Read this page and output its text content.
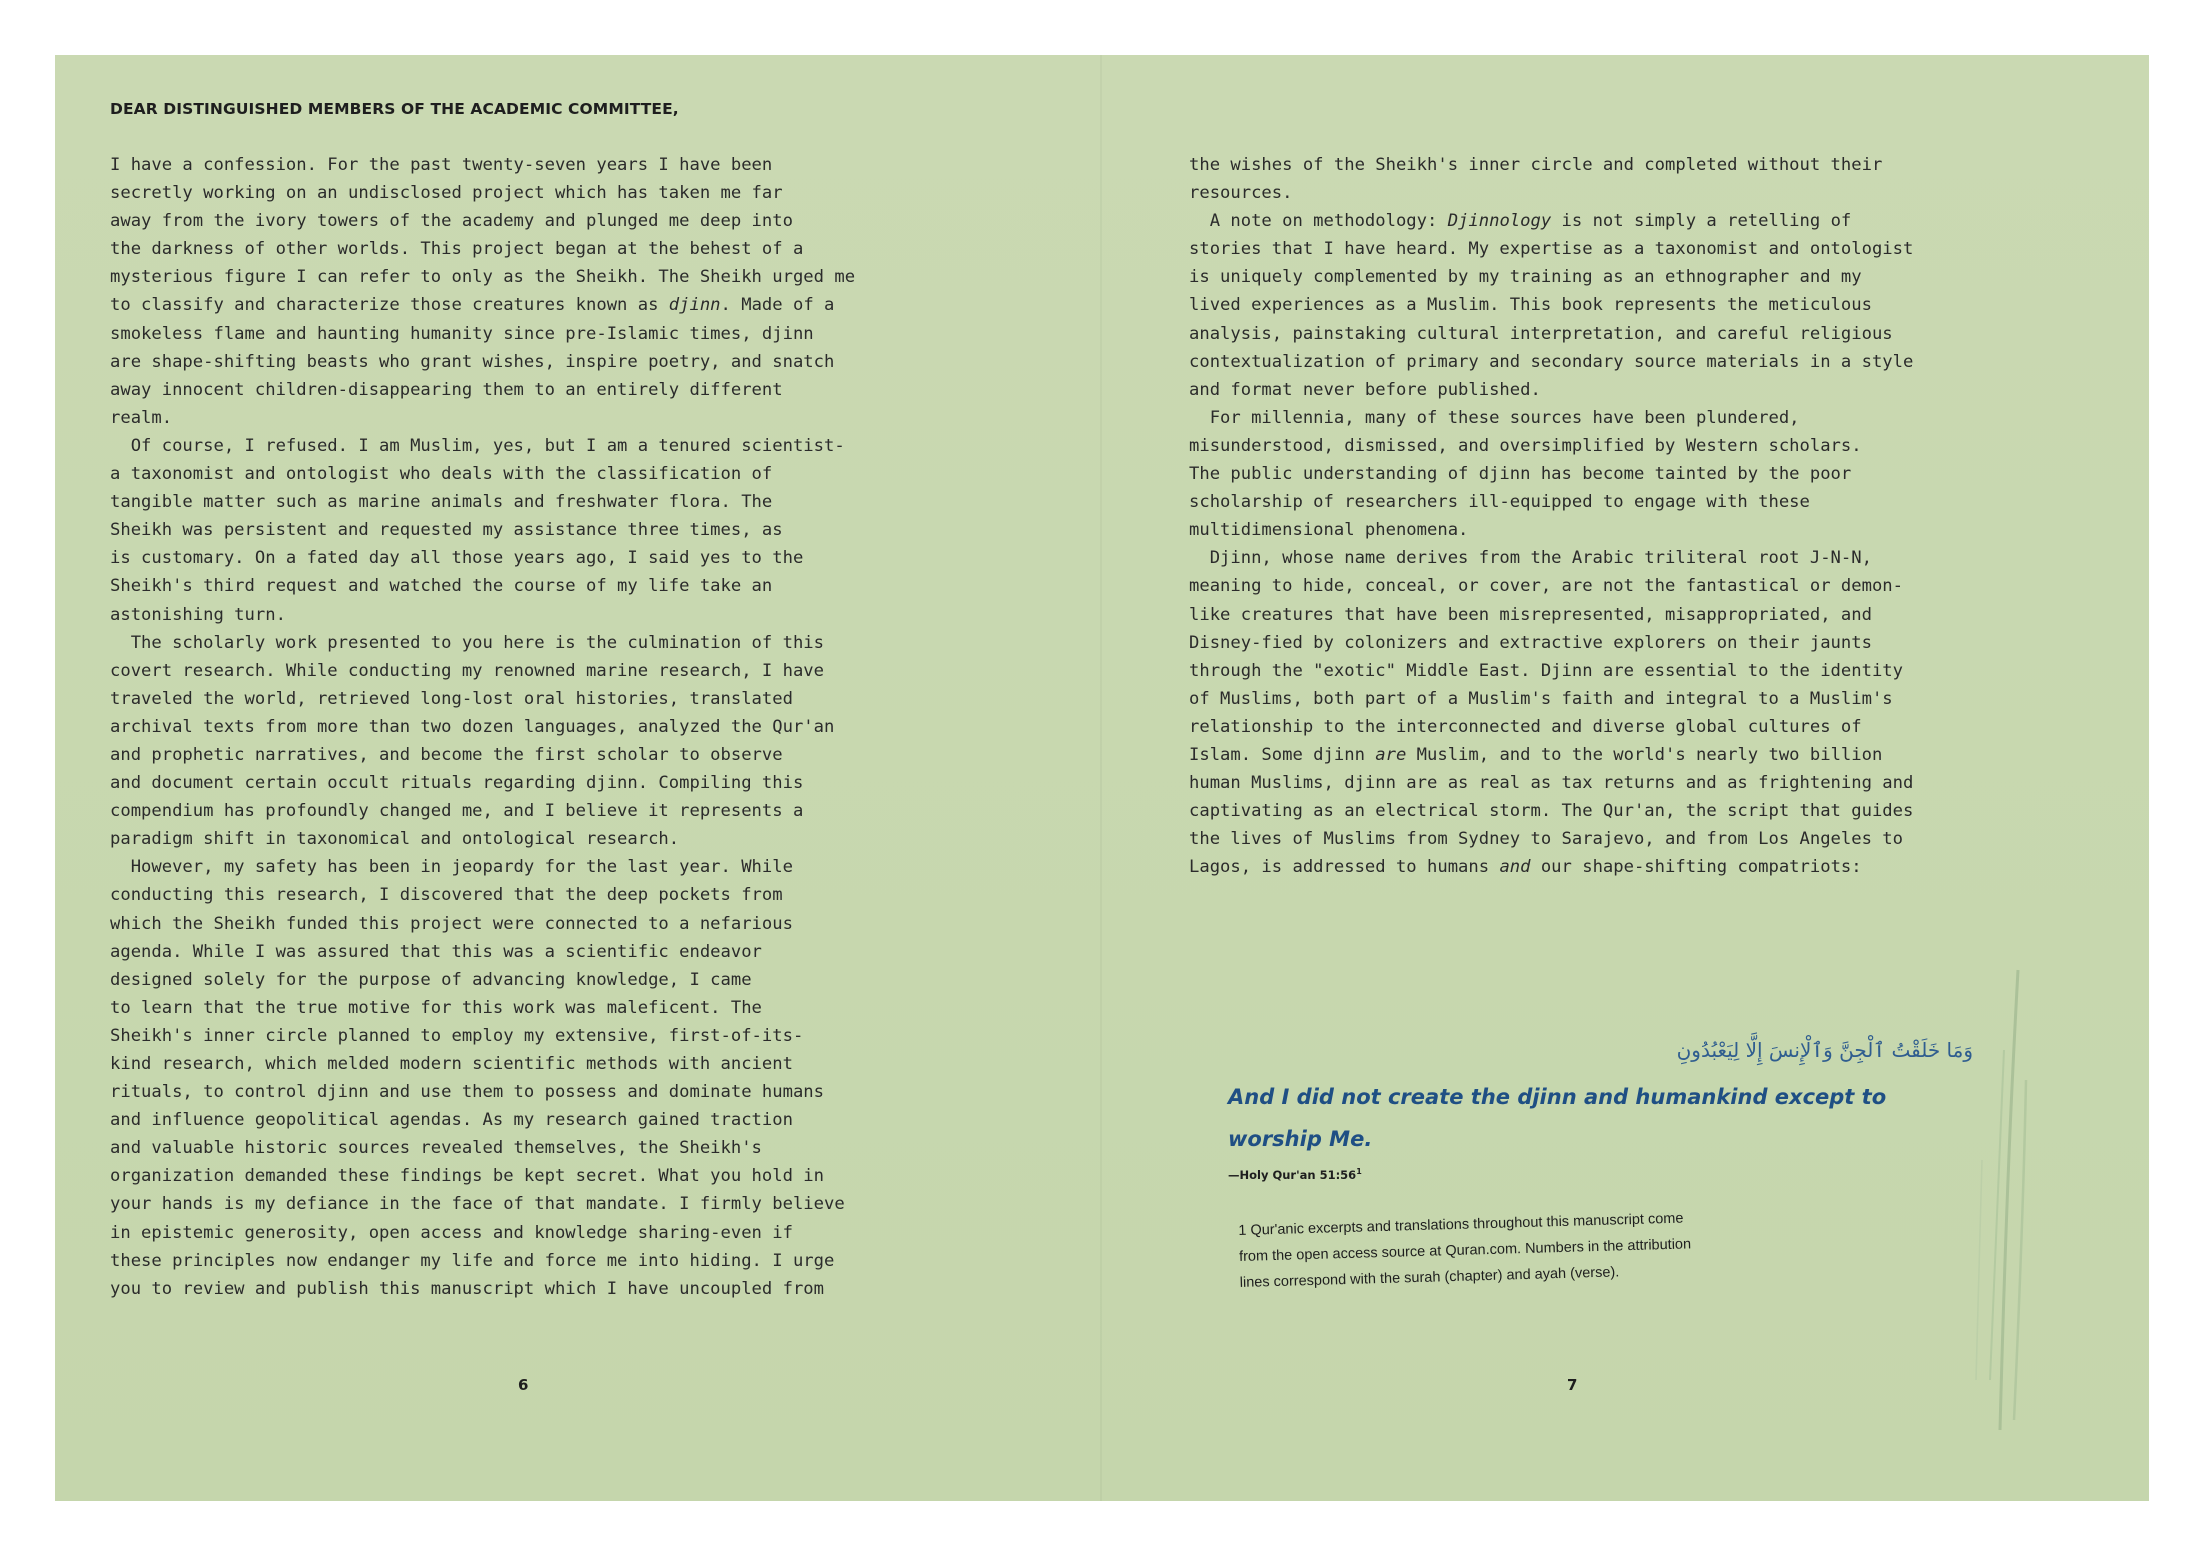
DEAR DISTINGUISHED MEMBERS OF THE ACADEMIC COMMITTEE,
I have a confession. For the past twenty-seven years I have been
secretly working on an undisclosed project which has taken me far
away from the ivory towers of the academy and plunged me deep into
the darkness of other worlds. This project began at the behest of a
mysterious figure I can refer to only as the Sheikh. The Sheikh urged me
to classify and characterize those creatures known as djinn. Made of a
smokeless flame and haunting humanity since pre-Islamic times, djinn
are shape-shifting beasts who grant wishes, inspire poetry, and snatch
away innocent children-disappearing them to an entirely different
realm.
Of course, I refused. I am Muslim, yes, but I am a tenured scientist-
a taxonomist and ontologist who deals with the classification of
tangible matter such as marine animals and freshwater flora. The
Sheikh was persistent and requested my assistance three times, as
is customary. On a fated day all those years ago, I said yes to the
Sheikh's third request and watched the course of my life take an
astonishing turn.
The scholarly work presented to you here is the culmination of this
covert research. While conducting my renowned marine research, I have
traveled the world, retrieved long-lost oral histories, translated
archival texts from more than two dozen languages, analyzed the Qur'an
and prophetic narratives, and become the first scholar to observe
and document certain occult rituals regarding djinn. Compiling this
compendium has profoundly changed me, and I believe it represents a
paradigm shift in taxonomical and ontological research.
However, my safety has been in jeopardy for the last year. While
conducting this research, I discovered that the deep pockets from
which the Sheikh funded this project were connected to a nefarious
agenda. While I was assured that this was a scientific endeavor
designed solely for the purpose of advancing knowledge, I came
to learn that the true motive for this work was maleficent. The
Sheikh's inner circle planned to employ my extensive, first-of-its-
kind research, which melded modern scientific methods with ancient
rituals, to control djinn and use them to possess and dominate humans
and influence geopolitical agendas. As my research gained traction
and valuable historic sources revealed themselves, the Sheikh's
organization demanded these findings be kept secret. What you hold in
your hands is my defiance in the face of that mandate. I firmly believe
in epistemic generosity, open access and knowledge sharing-even if
these principles now endanger my life and force me into hiding. I urge
you to review and publish this manuscript which I have uncoupled from
the wishes of the Sheikh's inner circle and completed without their
resources.
A note on methodology: Djinnology is not simply a retelling of
stories that I have heard. My expertise as a taxonomist and ontologist
is uniquely complemented by my training as an ethnographer and my
lived experiences as a Muslim. This book represents the meticulous
analysis, painstaking cultural interpretation, and careful religious
contextualization of primary and secondary source materials in a style
and format never before published.
For millennia, many of these sources have been plundered,
misunderstood, dismissed, and oversimplified by Western scholars.
The public understanding of djinn has become tainted by the poor
scholarship of researchers ill-equipped to engage with these
multidimensional phenomena.
Djinn, whose name derives from the Arabic triliteral root J-N-N,
meaning to hide, conceal, or cover, are not the fantastical or demon-
like creatures that have been misrepresented, misappropriated, and
Disney-fied by colonizers and extractive explorers on their jaunts
through the "exotic" Middle East. Djinn are essential to the identity
of Muslims, both part of a Muslim's faith and integral to a Muslim's
relationship to the interconnected and diverse global cultures of
Islam. Some djinn are Muslim, and to the world's nearly two billion
human Muslims, djinn are as real as tax returns and as frightening and
captivating as an electrical storm. The Qur'an, the script that guides
the lives of Muslims from Sydney to Sarajevo, and from Los Angeles to
Lagos, is addressed to humans and our shape-shifting compatriots:
وَمَا خَلَقْتُ ٱلْجِنَّ وَٱلْإِنسَ إِلَّا لِيَعْبُدُونِ
And I did not create the djinn and humankind except to
worship Me.
—Holy Qur'an $51:56^1$
1 Qur'anic excerpts and translations throughout this manuscript come
from the open access source at Quran.com. Numbers in the attribution
lines correspond with the surah (chapter) and ayah (verse).
6	7
